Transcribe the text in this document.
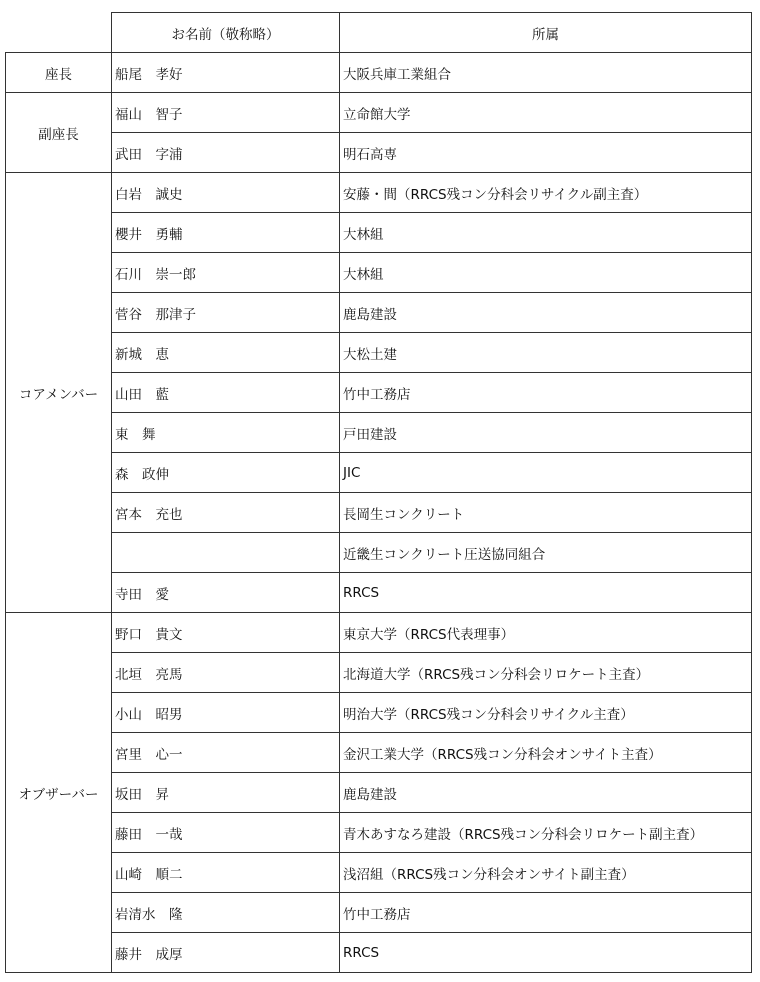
	お名前（敬称略）	所属
座長	船尾　孝好	大阪兵庫工業組合
副座長	福山　智子	立命館大学
	武田　字浦	明石高専
コアメンバー	白岩　誠史	安藤・間（RRCS残コン分科会リサイクル副主査）
	櫻井　勇輔	大林組
	石川　崇一郎	大林組
	菅谷　那津子	鹿島建設
	新城　恵	大松土建
	山田　藍	竹中工務店
	東　舞	戸田建設
	森　政伸	JIC
	宮本　充也	長岡生コンクリート
		近畿生コンクリート圧送協同組合
	寺田　愛	RRCS
オブザーバー	野口　貴文	東京大学（RRCS代表理事）
	北垣　亮馬	北海道大学（RRCS残コン分科会リロケート主査）
	小山　昭男	明治大学（RRCS残コン分科会リサイクル主査）
	宮里　心一	金沢工業大学（RRCS残コン分科会オンサイト主査）
	坂田　昇	鹿島建設
	藤田　一哉	青木あすなろ建設（RRCS残コン分科会リロケート副主査）
	山崎　順二	浅沼組（RRCS残コン分科会オンサイト副主査）
	岩清水　隆	竹中工務店
	藤井　成厚	RRCS
